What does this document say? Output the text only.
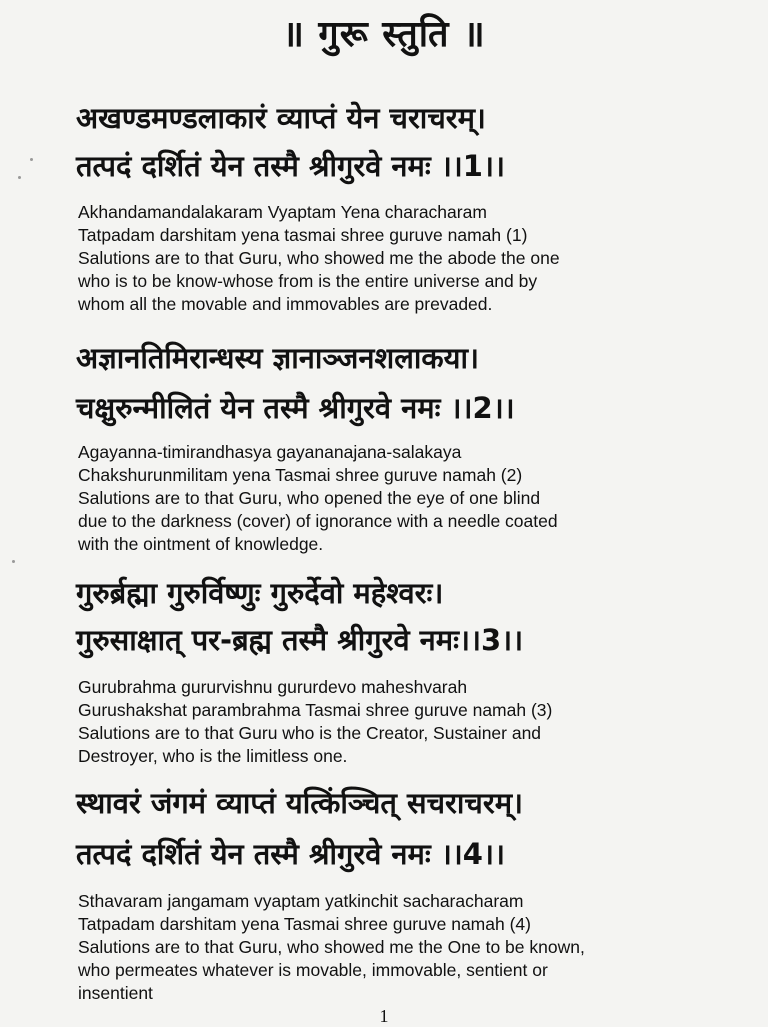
॥ गुरू स्तुति ॥
अखण्डमण्डलाकारं व्याप्तं येन चराचरम्।
तत्पदं दर्शितं येन तस्मै श्रीगुरवे नमः ।।1।।
Akhandamandalakaram Vyaptam Yena characharam
Tatpadam darshitam yena tasmai shree guruve namah (1)
Salutions are to that Guru, who showed me the abode the one
who is to be know-whose from is the entire universe and by
whom all the movable and immovables are prevaded.
अज्ञानतिमिरान्धस्य ज्ञानाञ्जनशलाकया।
चक्षुरुन्मीलितं येन तस्मै श्रीगुरवे नमः ।।2।।
Agayanna-timirandhasya gayananajana-salakaya
Chakshurunmilitam yena Tasmai shree guruve namah (2)
Salutions are to that Guru, who opened the eye of one blind
due to the darkness (cover) of ignorance with a needle coated
with the ointment of knowledge.
गुरुर्ब्रह्मा गुरुर्विष्णुः गुरुर्देवो महेश्वरः।
गुरुसाक्षात् पर-ब्रह्म तस्मै श्रीगुरवे नमः।।3।।
Gurubrahma gururvishnu gururdevo maheshvarah
Gurushakshat parambrahma Tasmai shree guruve namah (3)
Salutions are to that Guru who is the Creator, Sustainer and
Destroyer, who is the limitless one.
स्थावरं जंगमं व्याप्तं यत्किंञ्चित् सचराचरम्।
तत्पदं दर्शितं येन तस्मै श्रीगुरवे नमः ।।4।।
Sthavaram jangamam vyaptam yatkinchit sacharacharam
Tatpadam darshitam yena Tasmai shree guruve namah (4)
Salutions are to that Guru, who showed me the One to be known,
who permeates whatever is movable, immovable, sentient or
insentient
1
